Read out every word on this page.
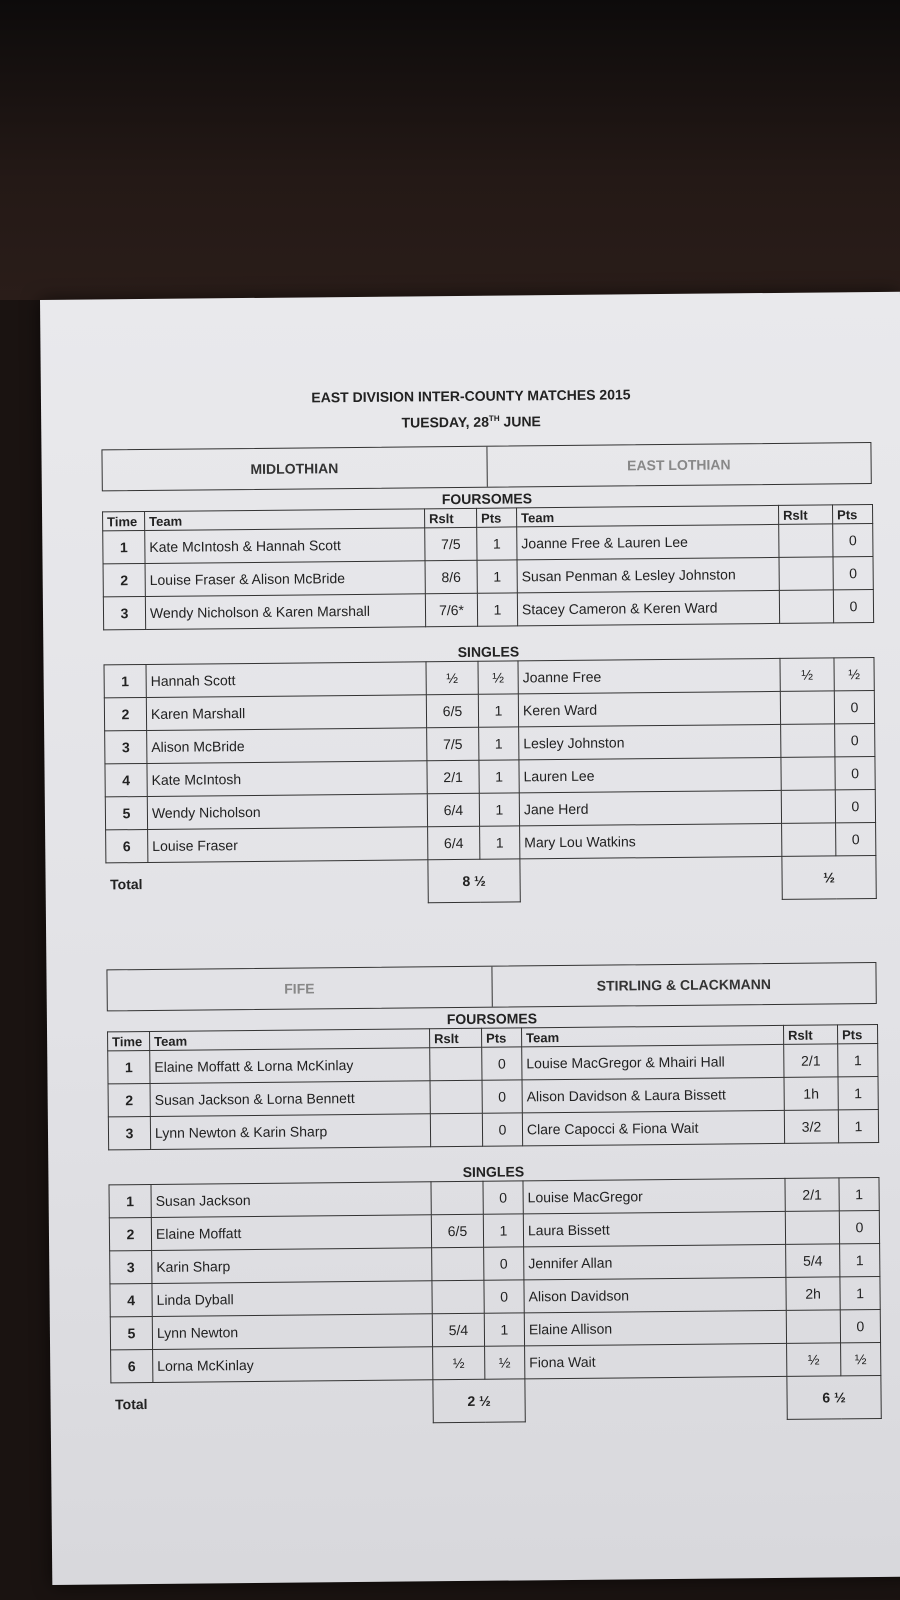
EAST DIVISION INTER-COUNTY MATCHES 2015
TUESDAY, 28TH JUNE
MIDLOTHIAN	EAST LOTHIAN
FOURSOMES
Time	Team	Rslt	Pts	Team	Rslt	Pts
1	Kate McIntosh & Hannah Scott	7/5	1	Joanne Free & Lauren Lee		0
2	Louise Fraser & Alison McBride	8/6	1	Susan Penman & Lesley Johnston		0
3	Wendy Nicholson & Karen Marshall	7/6*	1	Stacey Cameron & Keren Ward		0
SINGLES
1	Hannah Scott	½	½	Joanne Free	½	½
2	Karen Marshall	6/5	1	Keren Ward		0
3	Alison McBride	7/5	1	Lesley Johnston		0
4	Kate McIntosh	2/1	1	Lauren Lee		0
5	Wendy Nicholson	6/4	1	Jane Herd		0
6	Louise Fraser	6/4	1	Mary Lou Watkins		0
Total		8 ½			½	
FIFE	STIRLING & CLACKMANN
FOURSOMES
Time	Team	Rslt	Pts	Team	Rslt	Pts
1	Elaine Moffatt & Lorna McKinlay		0	Louise MacGregor & Mhairi Hall	2/1	1
2	Susan Jackson & Lorna Bennett		0	Alison Davidson & Laura Bissett	1h	1
3	Lynn Newton & Karin Sharp		0	Clare Capocci & Fiona Wait	3/2	1
SINGLES
1	Susan Jackson		0	Louise MacGregor	2/1	1
2	Elaine Moffatt	6/5	1	Laura Bissett		0
3	Karin Sharp		0	Jennifer Allan	5/4	1
4	Linda Dyball		0	Alison Davidson	2h	1
5	Lynn Newton	5/4	1	Elaine Allison		0
6	Lorna McKinlay	½	½	Fiona Wait	½	½
Total		2 ½			6 ½	
